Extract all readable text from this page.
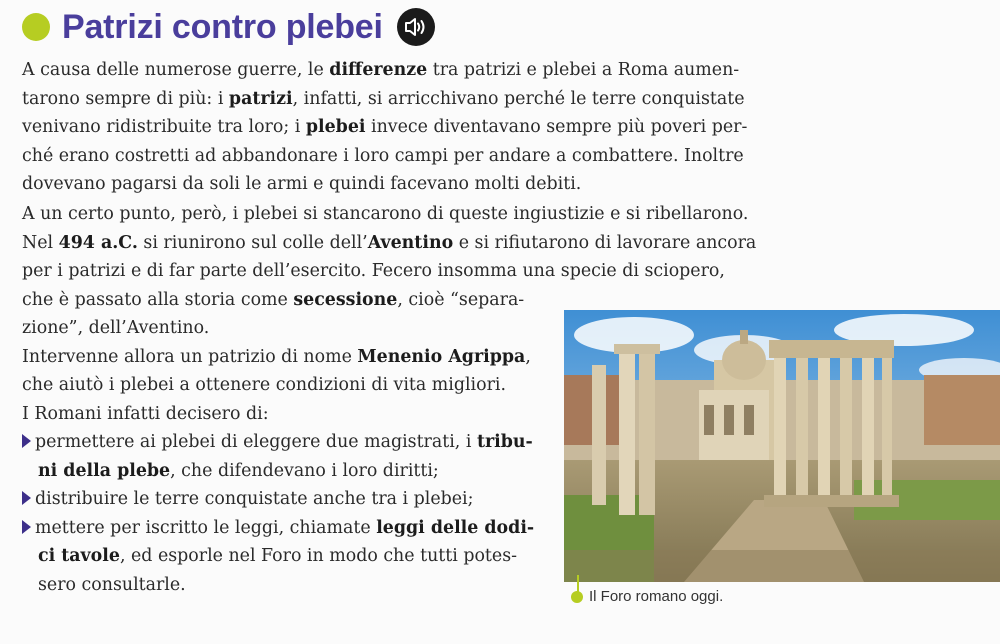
Patrizi contro plebei
A causa delle numerose guerre, le differenze tra patrizi e plebei a Roma aumen-
tarono sempre di più: i patrizi, infatti, si arricchivano perché le terre conquistate
venivano ridistribuite tra loro; i plebei invece diventavano sempre più poveri per-
ché erano costretti ad abbandonare i loro campi per andare a combattere. Inoltre
dovevano pagarsi da soli le armi e quindi facevano molti debiti.
A un certo punto, però, i plebei si stancarono di queste ingiustizie e si ribellarono.
Nel 494 a.C. si riunirono sul colle dell’Aventino e si rifiutarono di lavorare ancora
per i patrizi e di far parte dell’esercito. Fecero insomma una specie di sciopero,
che è passato alla storia come secessione, cioè “separa-
zione”, dell’Aventino.
Intervenne allora un patrizio di nome Menenio Agrippa,
che aiutò i plebei a ottenere condizioni di vita migliori.
I Romani infatti decisero di:
permettere ai plebei di eleggere due magistrati, i tribu-
ni della plebe, che difendevano i loro diritti;
distribuire le terre conquistate anche tra i plebei;
mettere per iscritto le leggi, chiamate leggi delle dodi-
ci tavole, ed esporle nel Foro in modo che tutti potes-
sero consultarle.
Il Foro romano oggi.
